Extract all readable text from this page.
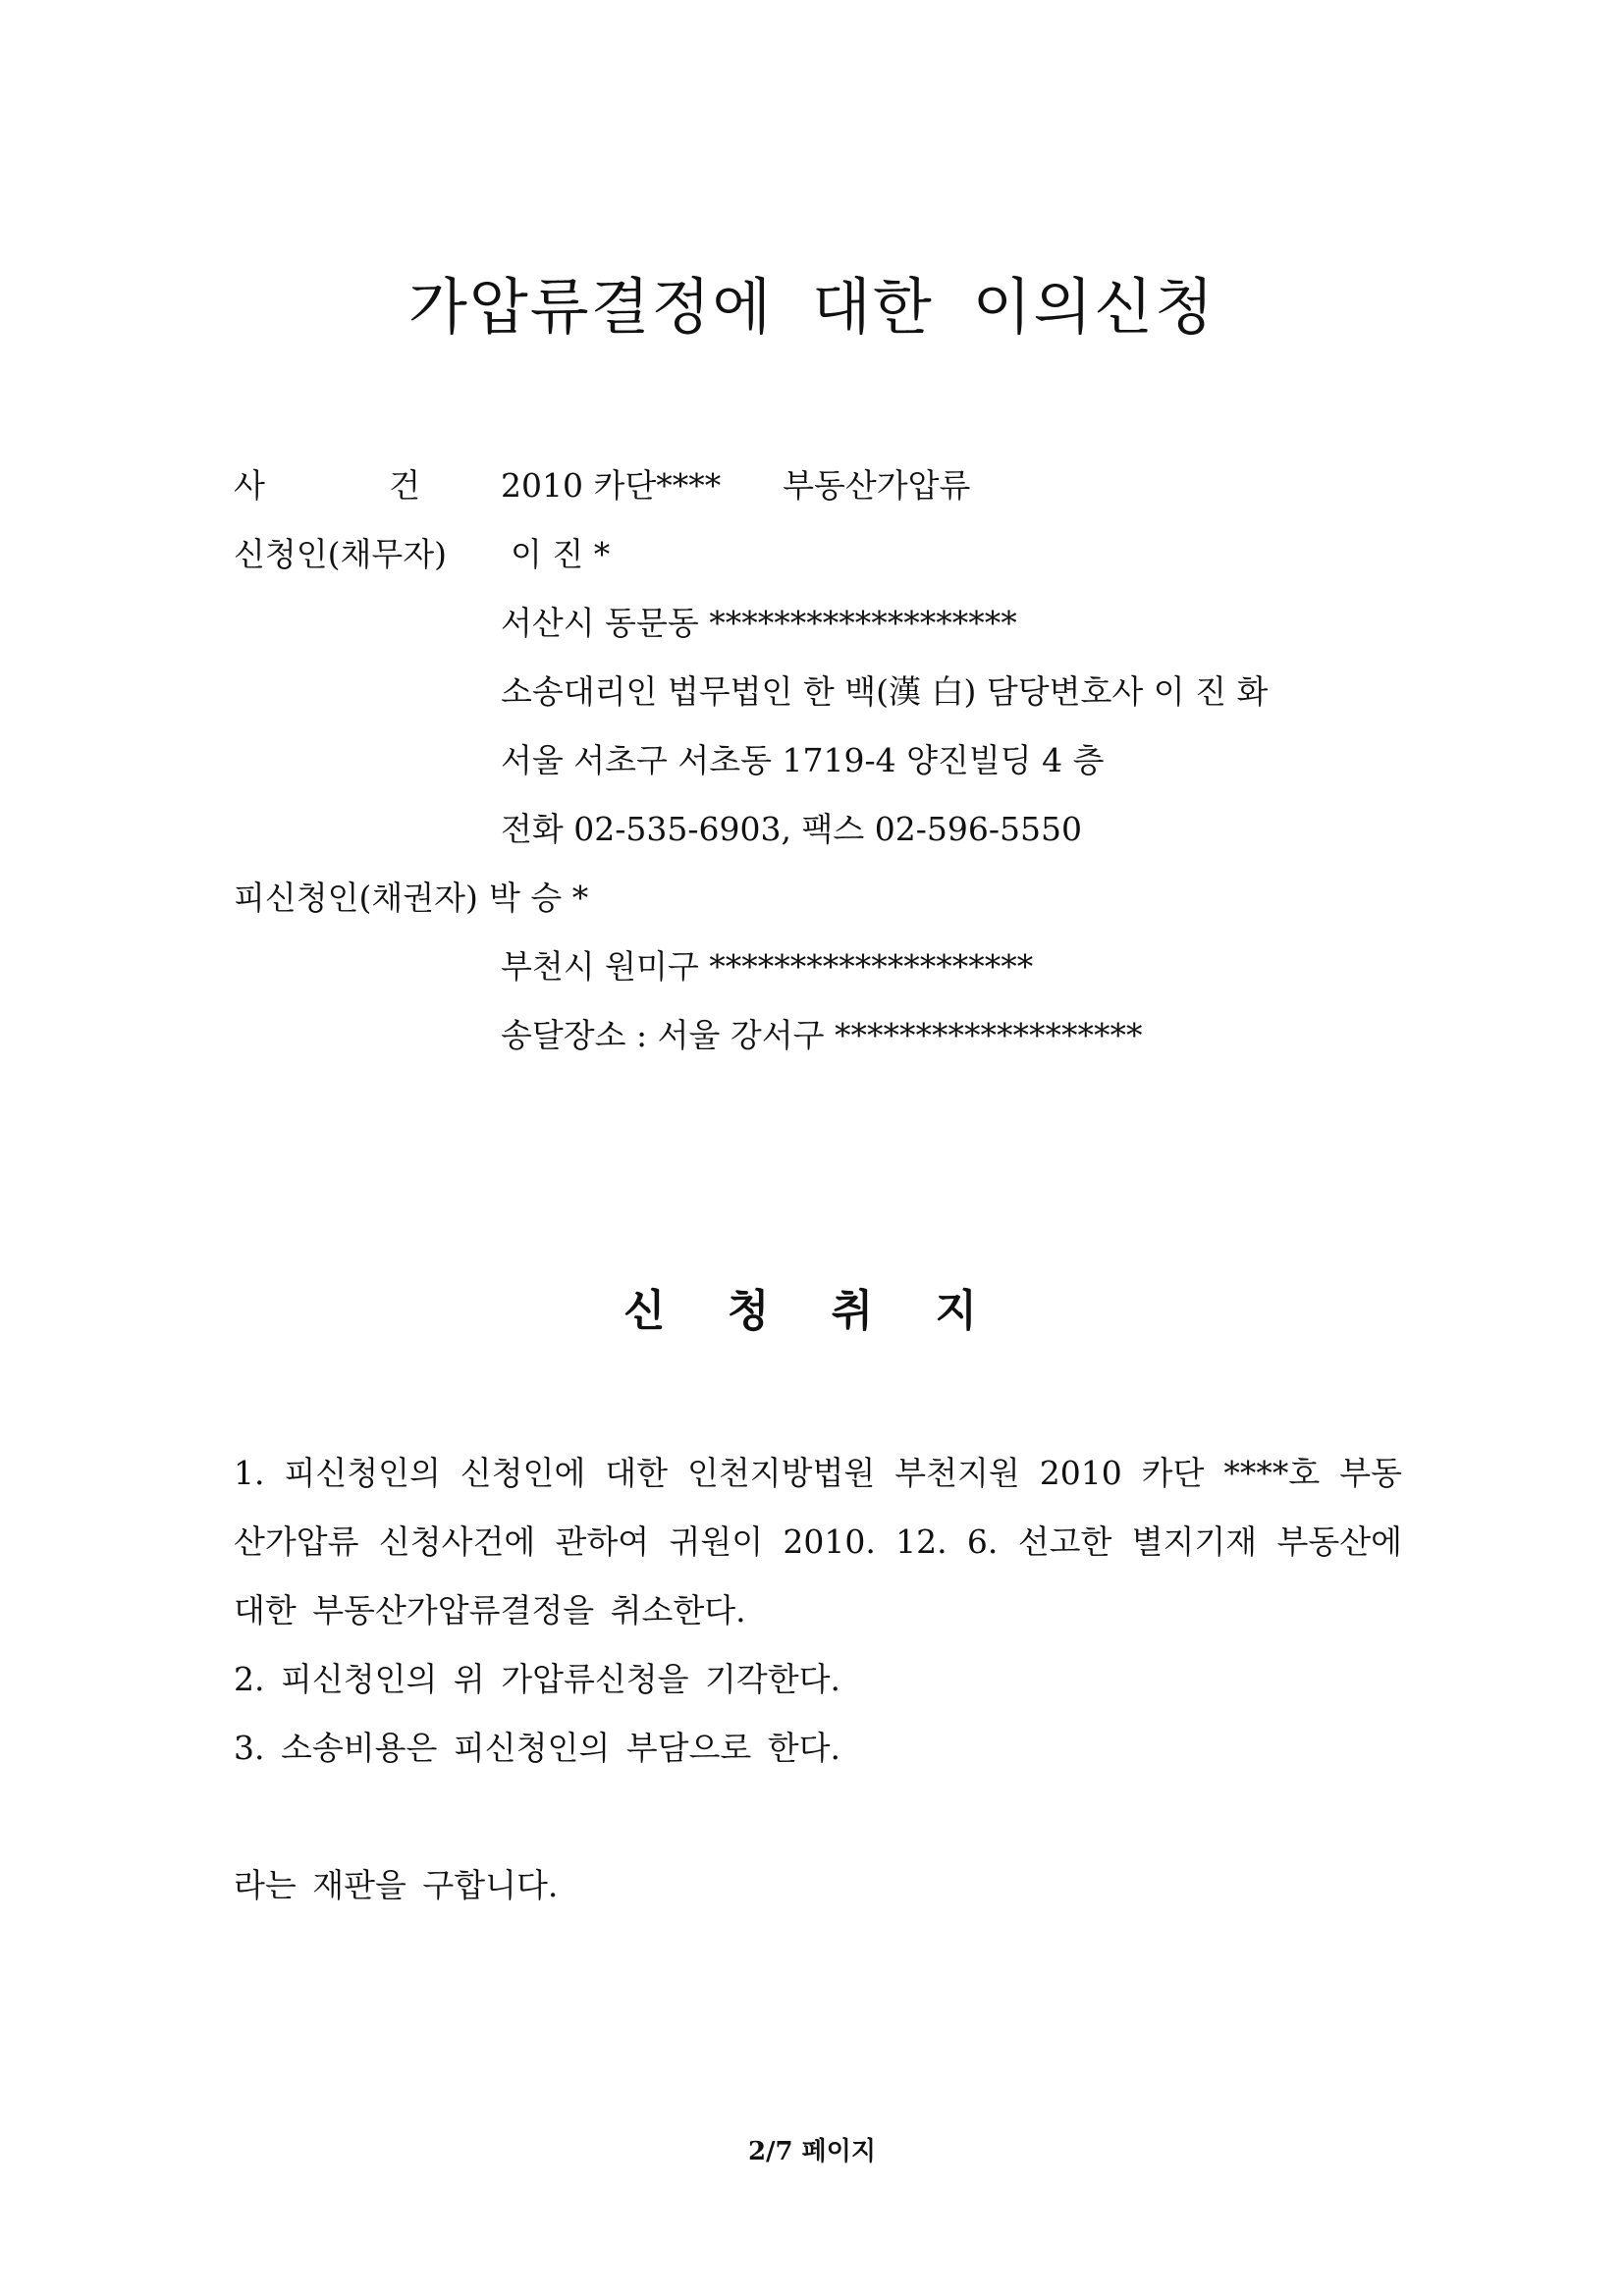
가압류결정에 대한 이의신청
사	건 2010 카단****      부동산가압류
신청인(채무자)	이 진 *
서산시 동문동 *******************
소송대리인 법무법인 한 백(漢 白) 담당변호사 이 진 화
서울 서초구 서초동 1719-4 양진빌딩 4 층
전화 02-535-6903, 팩스 02-596-5550
피신청인(채권자) 박 승 *
부천시 원미구 ********************
송달장소 : 서울 강서구 *******************
신 청 취 지
1. 피신청인의 신청인에 대한 인천지방법원 부천지원 2010 카단 ****호 부동산가압류 신청사건에 관하여 귀원이 2010. 12. 6. 선고한 별지기재 부동산에 대한 부동산가압류결정을 취소한다.
2. 피신청인의 위 가압류신청을 기각한다.
3. 소송비용은 피신청인의 부담으로 한다.
라는 재판을 구합니다.
2/7 페이지
